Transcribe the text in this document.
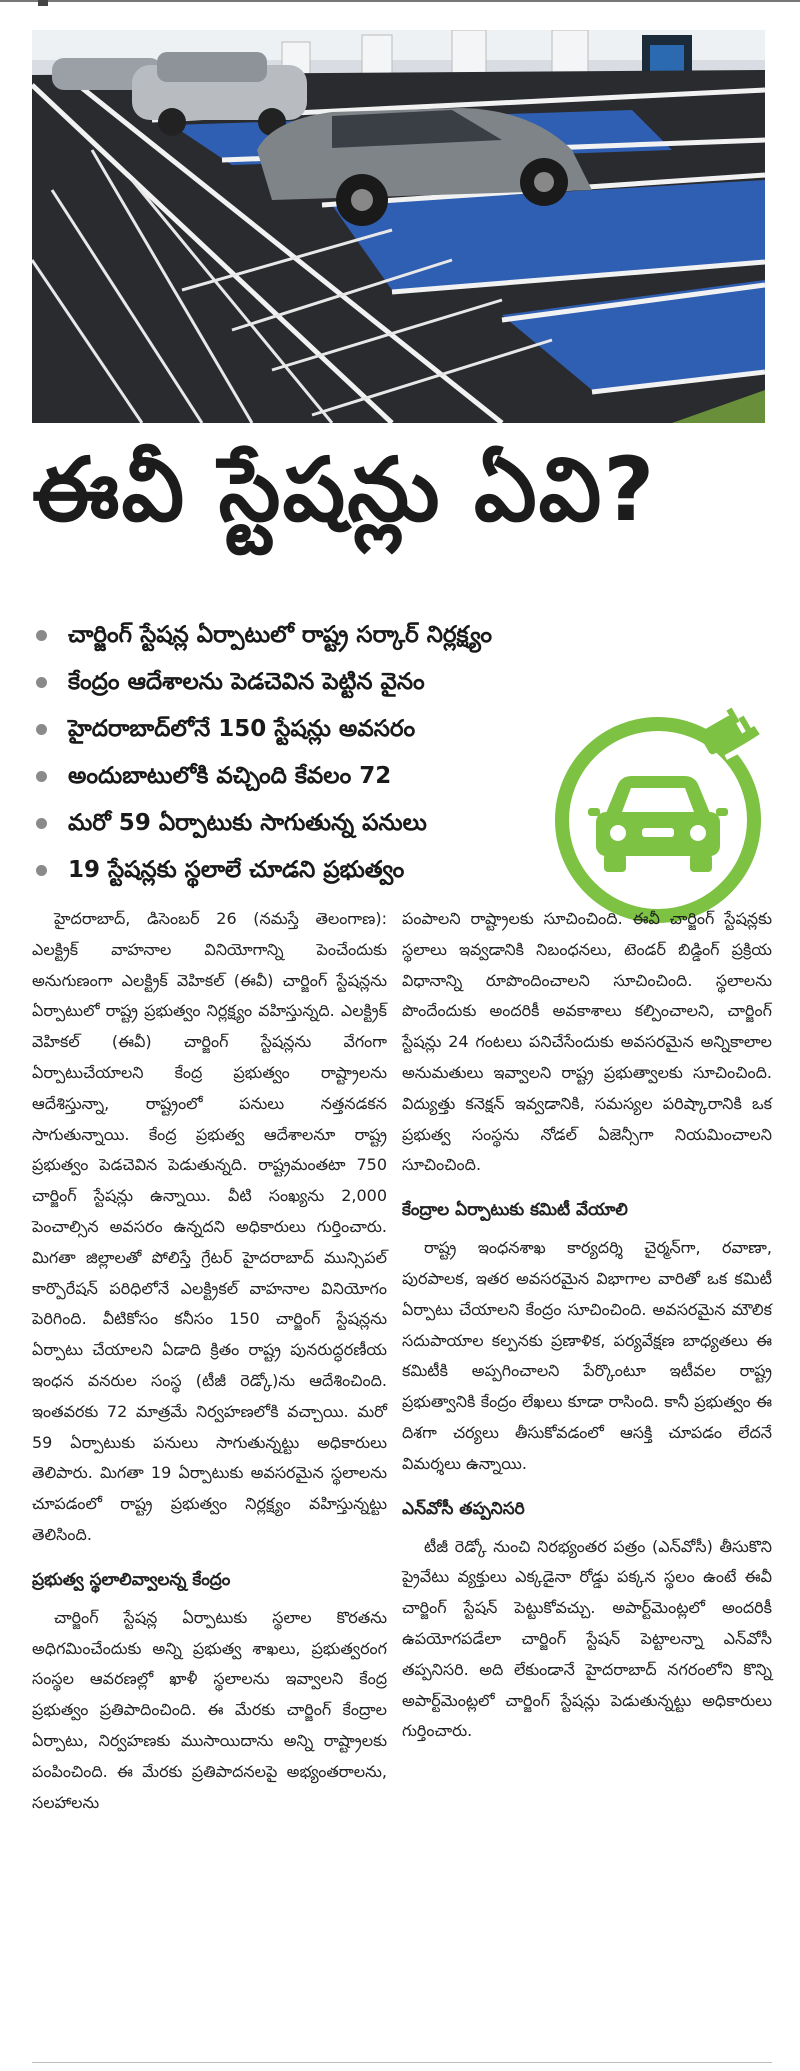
ఈవీ స్టేషన్లు ఏవి?
చార్జింగ్ స్టేషన్ల ఏర్పాటులో రాష్ట్ర సర్కార్ నిర్లక్ష్యం
కేంద్రం ఆదేశాలను పెడచెవిన పెట్టిన వైనం
హైదరాబాద్‌లోనే 150 స్టేషన్లు అవసరం
అందుబాటులోకి వచ్చింది కేవలం 72
మరో 59 ఏర్పాటుకు సాగుతున్న పనులు
19 స్టేషన్లకు స్థలాలే చూడని ప్రభుత్వం

హైదరాబాద్, డిసెంబర్ 26 (నమస్తే తెలంగాణ): ఎలక్ట్రిక్ వాహనాల వినియోగాన్ని పెంచేందుకు అనుగుణంగా ఎలక్ట్రిక్ వెహికల్ (ఈవీ) చార్జింగ్ స్టేషన్లను ఏర్పాటులో రాష్ట్ర ప్రభుత్వం నిర్లక్ష్యం వహిస్తున్నది. ఎలక్ట్రిక్ వెహికల్ (ఈవీ) చార్జింగ్ స్టేషన్లను వేగంగా ఏర్పాటుచేయాలని కేంద్ర ప్రభుత్వం రాష్ట్రాలను ఆదేశిస్తున్నా, రాష్ట్రంలో పనులు నత్తనడకన సాగుతున్నాయి. కేంద్ర ప్రభుత్వ ఆదేశాలనూ రాష్ట్ర ప్రభుత్వం పెడచెవిన పెడుతున్నది. రాష్ట్రమంతటా 750 చార్జింగ్ స్టేషన్లు ఉన్నాయి. వీటి సంఖ్యను 2,000 పెంచాల్సిన అవసరం ఉన్నదని అధికారులు గుర్తించారు. మిగతా జిల్లాలతో పోలిస్తే గ్రేటర్ హైదరాబాద్ మున్సిపల్ కార్పొరేషన్ పరిధిలోనే ఎలక్ట్రికల్ వాహనాల వినియోగం పెరిగింది. వీటికోసం కనీసం 150 చార్జింగ్ స్టేషన్లను ఏర్పాటు చేయాలని ఏడాది క్రితం రాష్ట్ర పునరుద్ధరణీయ ఇంధన వనరుల సంస్థ (టీజీ రెడ్కో)ను ఆదేశించింది. ఇంతవరకు 72 మాత్రమే నిర్వహణలోకి వచ్చాయి. మరో 59 ఏర్పాటుకు పనులు సాగుతున్నట్టు అధికారులు తెలిపారు. మిగతా 19 ఏర్పాటుకు అవసరమైన స్థలాలను చూపడంలో రాష్ట్ర ప్రభుత్వం నిర్లక్ష్యం వహిస్తున్నట్టు తెలిసింది.

ప్రభుత్వ స్థలాలివ్వాలన్న కేంద్రం

చార్జింగ్ స్టేషన్ల ఏర్పాటుకు స్థలాల కొరతను అధిగమించేందుకు అన్ని ప్రభుత్వ శాఖలు, ప్రభుత్వరంగ సంస్థల ఆవరణల్లో ఖాళీ స్థలాలను ఇవ్వాలని కేంద్ర ప్రభుత్వం ప్రతిపాదించింది. ఈ మేరకు చార్జింగ్ కేంద్రాల ఏర్పాటు, నిర్వహణకు ముసాయిదాను అన్ని రాష్ట్రాలకు పంపించింది. ఈ మేరకు ప్రతిపాదనలపై అభ్యంతరాలను, సలహాలను

పంపాలని రాష్ట్రాలకు సూచించింది. ఈవీ చార్జింగ్ స్టేషన్లకు స్థలాలు ఇవ్వడానికి నిబంధనలు, టెండర్ బిడ్డింగ్ ప్రక్రియ విధానాన్ని రూపొందించాలని సూచించింది. స్థలాలను పొందేందుకు అందరికీ అవకాశాలు కల్పించాలని, చార్జింగ్ స్టేషన్లు 24 గంటలు పనిచేసేందుకు అవసరమైన అన్నికాలాల అనుమతులు ఇవ్వాలని రాష్ట్ర ప్రభుత్వాలకు సూచించింది. విద్యుత్తు కనెక్షన్ ఇవ్వడానికి, సమస్యల పరిష్కారానికి ఒక ప్రభుత్వ సంస్థను నోడల్ ఏజెన్సీగా నియమించాలని సూచించింది.

కేంద్రాల ఏర్పాటుకు కమిటీ వేయాలి

రాష్ట్ర ఇంధనశాఖ కార్యదర్శి చైర్మన్‌గా, రవాణా, పురపాలక, ఇతర అవసరమైన విభాగాల వారితో ఒక కమిటీ ఏర్పాటు చేయాలని కేంద్రం సూచించింది. అవసరమైన మౌలిక సదుపాయాల కల్పనకు ప్రణాళిక, పర్యవేక్షణ బాధ్యతలు ఈ కమిటీకి అప్పగించాలని పేర్కొంటూ ఇటీవల రాష్ట్ర ప్రభుత్వానికి కేంద్రం లేఖలు కూడా రాసింది. కానీ ప్రభుత్వం ఈ దిశగా చర్యలు తీసుకోవడంలో ఆసక్తి చూపడం లేదనే విమర్శలు ఉన్నాయి.

ఎన్‌వోసీ తప్పనిసరి

టీజీ రెడ్కో నుంచి నిరభ్యంతర పత్రం (ఎన్‌వోసీ) తీసుకొని ప్రైవేటు వ్యక్తులు ఎక్కడైనా రోడ్డు పక్కన స్థలం ఉంటే ఈవీ చార్జింగ్ స్టేషన్ పెట్టుకోవచ్చు. అపార్ట్‌మెంట్లలో అందరికీ ఉపయోగపడేలా చార్జింగ్ స్టేషన్ పెట్టాలన్నా ఎన్‌వోసీ తప్పనిసరి. అది లేకుండానే హైదరాబాద్ నగరంలోని కొన్ని అపార్ట్‌మెంట్లలో చార్జింగ్ స్టేషన్లు పెడుతున్నట్టు అధికారులు గుర్తించారు.
